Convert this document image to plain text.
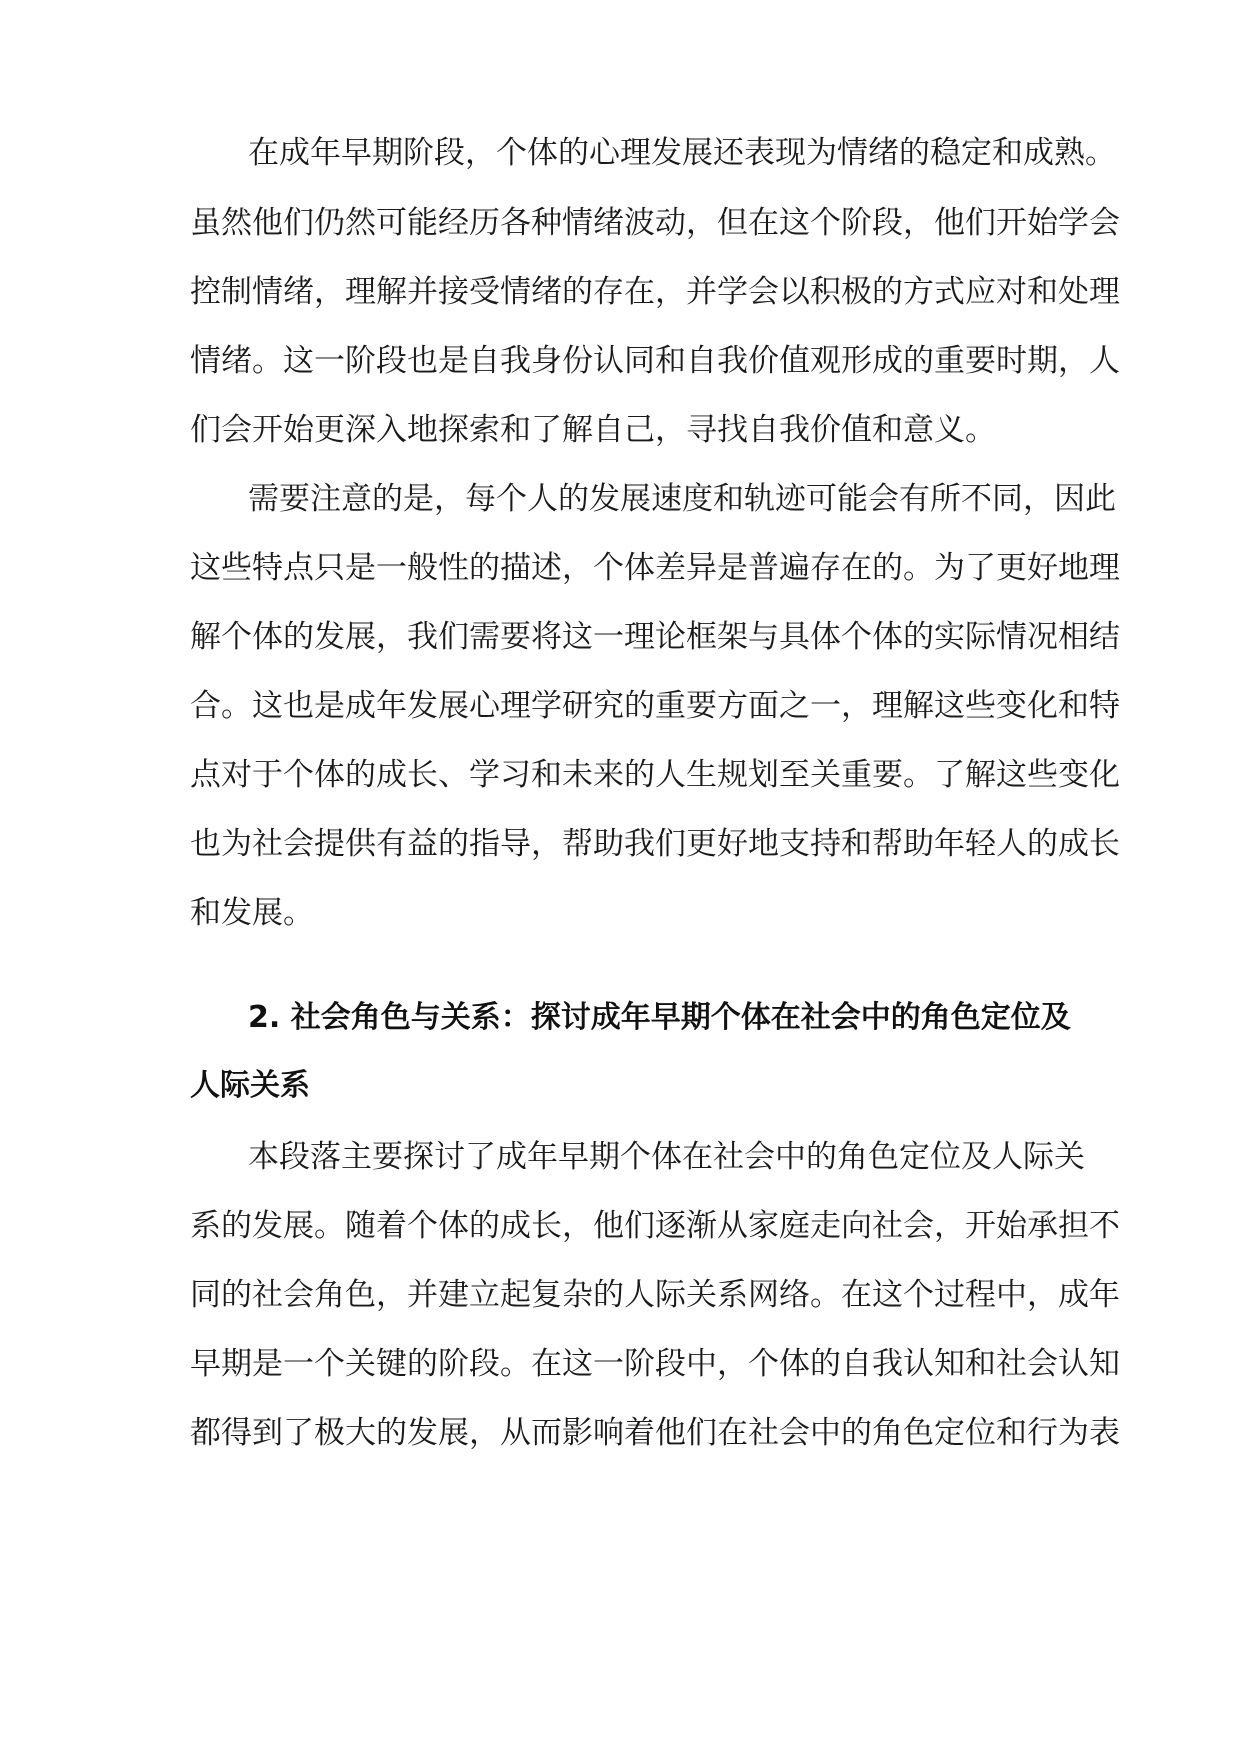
在成年早期阶段，个体的心理发展还表现为情绪的稳定和成熟。

虽然他们仍然可能经历各种情绪波动，但在这个阶段，他们开始学会

控制情绪，理解并接受情绪的存在，并学会以积极的方式应对和处理

情绪。这一阶段也是自我身份认同和自我价值观形成的重要时期，人

们会开始更深入地探索和了解自己，寻找自我价值和意义。

需要注意的是，每个人的发展速度和轨迹可能会有所不同，因此

这些特点只是一般性的描述，个体差异是普遍存在的。为了更好地理

解个体的发展，我们需要将这一理论框架与具体个体的实际情况相结

合。这也是成年发展心理学研究的重要方面之一，理解这些变化和特

点对于个体的成长、学习和未来的人生规划至关重要。了解这些变化

也为社会提供有益的指导，帮助我们更好地支持和帮助年轻人的成长

和发展。

2. 社会角色与关系：探讨成年早期个体在社会中的角色定位及

人际关系

本段落主要探讨了成年早期个体在社会中的角色定位及人际关

系的发展。随着个体的成长，他们逐渐从家庭走向社会，开始承担不

同的社会角色，并建立起复杂的人际关系网络。在这个过程中，成年

早期是一个关键的阶段。在这一阶段中，个体的自我认知和社会认知

都得到了极大的发展，从而影响着他们在社会中的角色定位和行为表
